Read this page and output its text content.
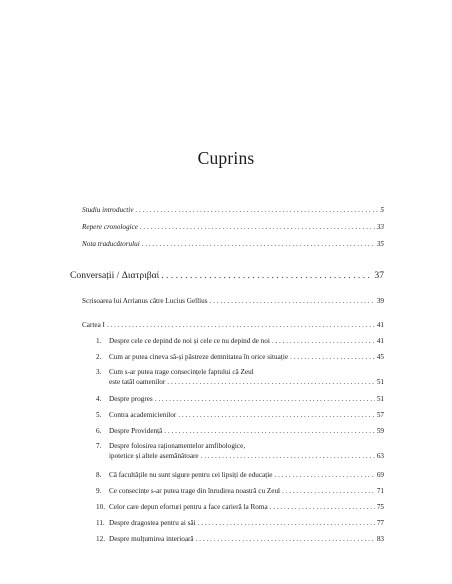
Cuprins
Studiu introductiv . . .	5
Repere cronologice . . .	33
Nota traducătorului . . .	35
Conversații / Διατριβαί . . .	37
Scrisoarea lui Arrianus către Lucius Gellius . . .	39
Cartea I . . .	41
1. Despre cele ce depind de noi și cele ce nu depind de noi . . .	41
2. Cum ar putea cineva să-și păstreze demnitatea în orice situație . . .	45
3. Cum s-ar putea trage consecințele faptului că Zeul
este tatăl oamenilor . . .	51
4. Despre progres . . .	51
5. Contra academicienilor . . .	57
6. Despre Providență . . .	59
7. Despre folosirea raționamentelor amfibologice,
ipotetice și altele asemănătoare . . .	63
8. Că facultățile nu sunt sigure pentru cei lipsiți de educație . . .	69
9. Ce consecințe s-ar putea trage din înrudirea noastră cu Zeul . . .	71
10. Celor care depun eforturi pentru a face carieră la Roma . . .	75
11. Despre dragostea pentru ai săi . . .	77
12. Despre mulțumirea interioară . . .	83
